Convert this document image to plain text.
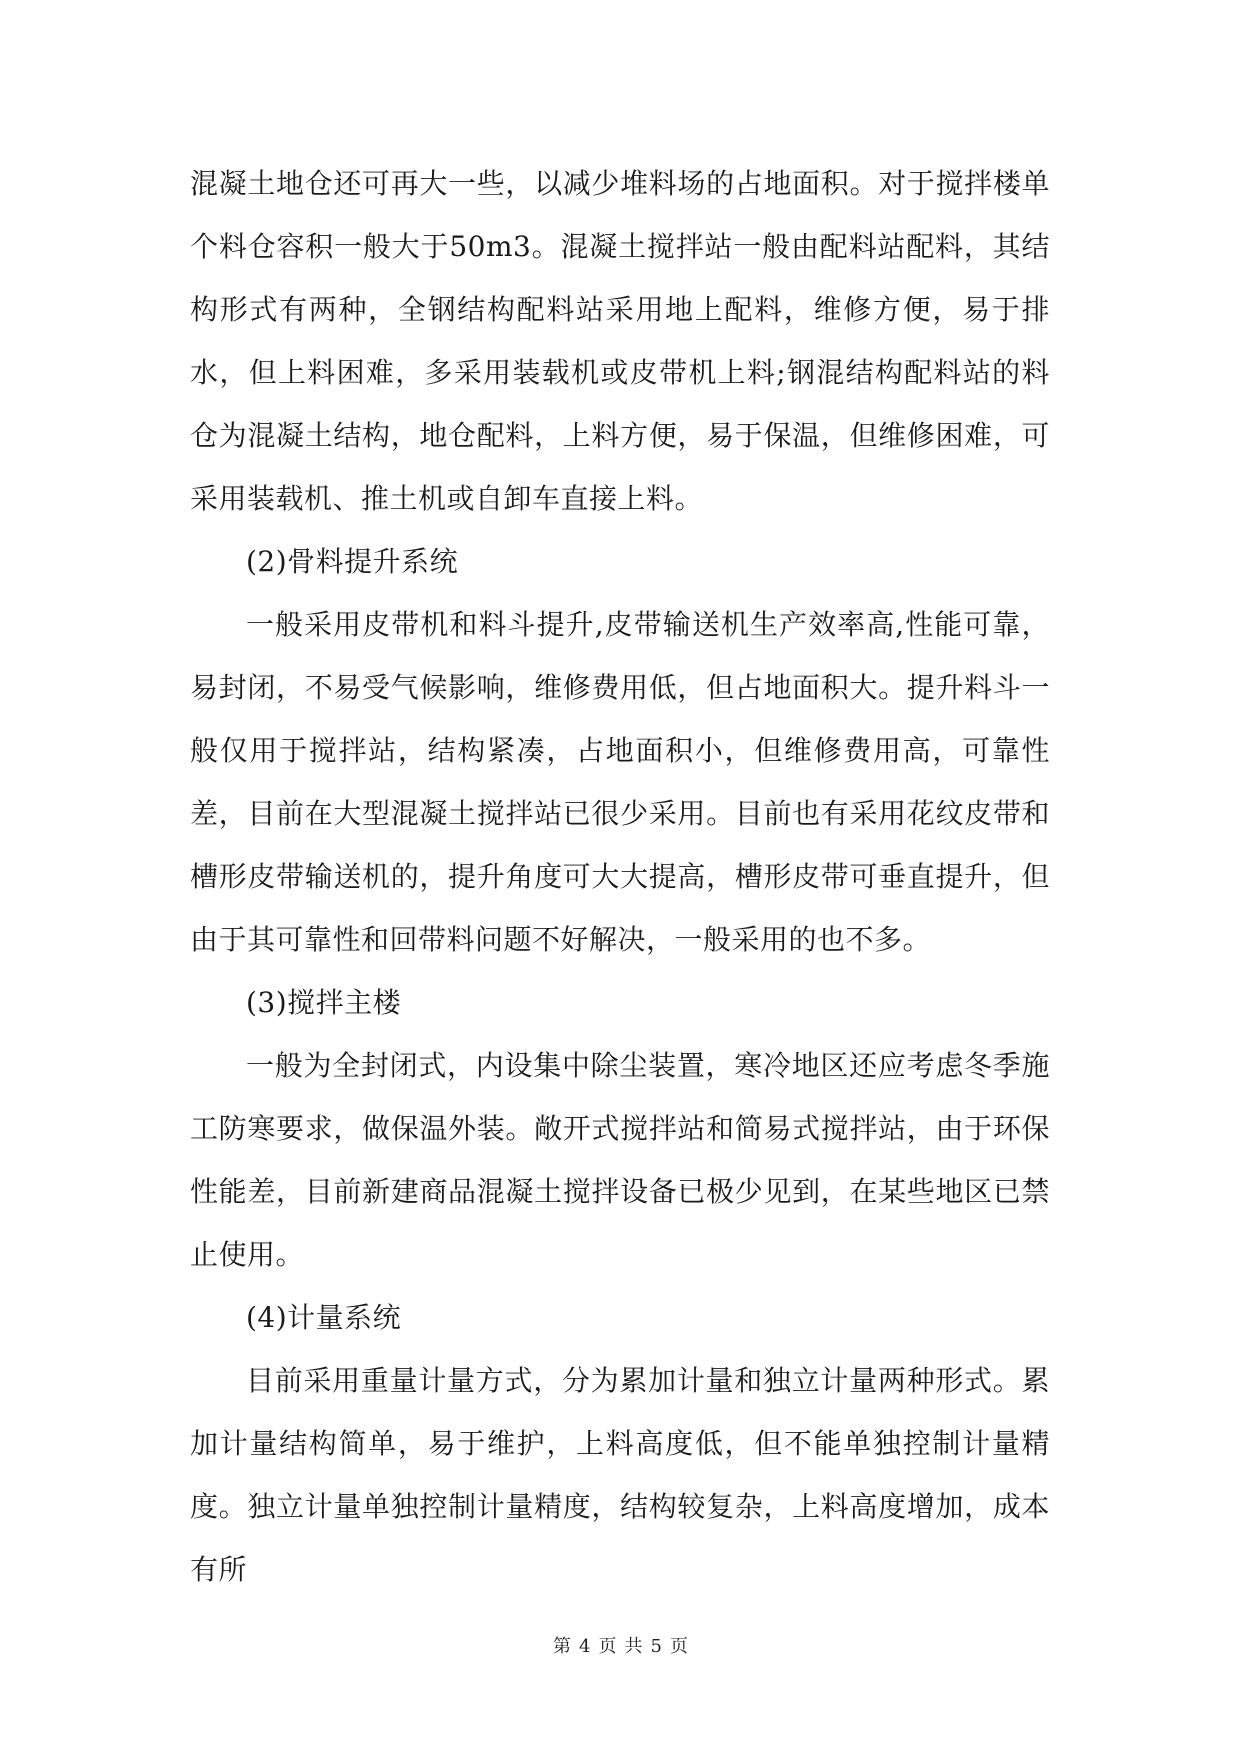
混凝土地仓还可再大一些，以减少堆料场的占地面积。对于搅拌楼单个料仓容积一般大于50m3。混凝土搅拌站一般由配料站配料，其结构形式有两种，全钢结构配料站采用地上配料，维修方便，易于排水，但上料困难，多采用装载机或皮带机上料;钢混结构配料站的料仓为混凝土结构，地仓配料，上料方便，易于保温，但维修困难，可采用装载机、推土机或自卸车直接上料。

(2)骨料提升系统

一般采用皮带机和料斗提升,皮带输送机生产效率高,性能可靠，易封闭，不易受气候影响，维修费用低，但占地面积大。提升料斗一般仅用于搅拌站，结构紧凑，占地面积小，但维修费用高，可靠性差，目前在大型混凝土搅拌站已很少采用。目前也有采用花纹皮带和槽形皮带输送机的，提升角度可大大提高，槽形皮带可垂直提升，但由于其可靠性和回带料问题不好解决，一般采用的也不多。

(3)搅拌主楼

一般为全封闭式，内设集中除尘装置，寒冷地区还应考虑冬季施工防寒要求，做保温外装。敞开式搅拌站和简易式搅拌站，由于环保性能差，目前新建商品混凝土搅拌设备已极少见到，在某些地区已禁止使用。

(4)计量系统

目前采用重量计量方式，分为累加计量和独立计量两种形式。累加计量结构简单，易于维护，上料高度低，但不能单独控制计量精度。独立计量单独控制计量精度，结构较复杂，上料高度增加，成本有所

第 4 页 共 5 页
